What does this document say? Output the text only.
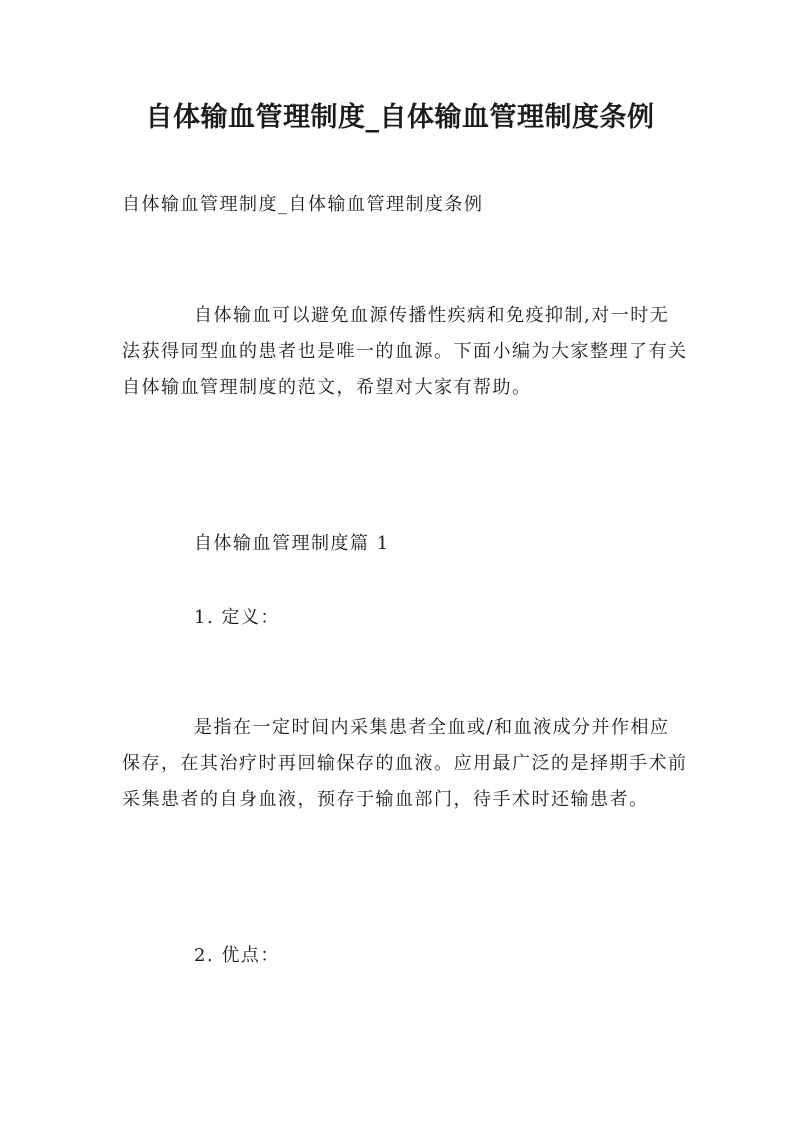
自体输血管理制度_自体输血管理制度条例

自体输血管理制度_自体输血管理制度条例

自体输血可以避免血源传播性疾病和免疫抑制,对一时无法获得同型血的患者也是唯一的血源。下面小编为大家整理了有关自体输血管理制度的范文，希望对大家有帮助。

自体输血管理制度篇 1

1. 定义：

是指在一定时间内采集患者全血或/和血液成分并作相应保存，在其治疗时再回输保存的血液。应用最广泛的是择期手术前采集患者的自身血液，预存于输血部门，待手术时还输患者。

2. 优点：
